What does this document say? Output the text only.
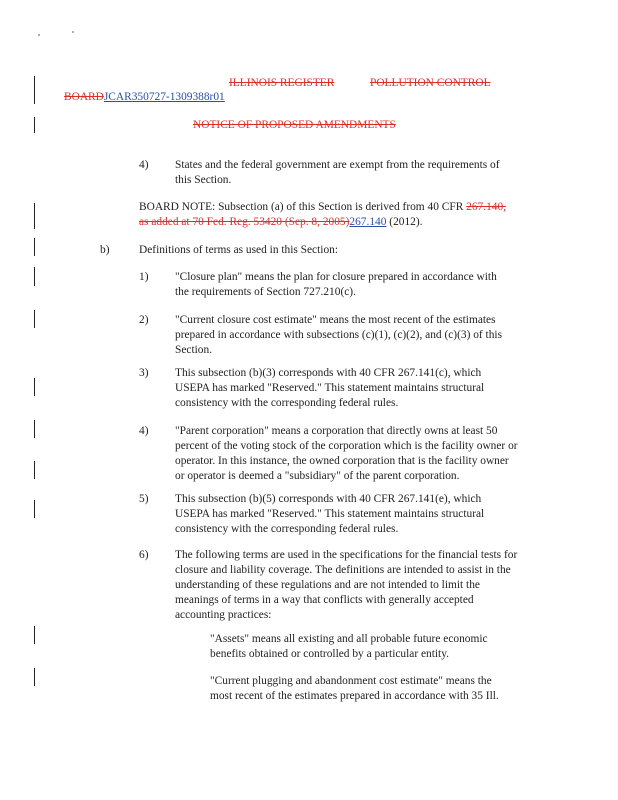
ILLINOIS REGISTER	POLLUTION CONTROL
BOARDJCAR350727-1309388r01
NOTICE OF PROPOSED AMENDMENTS
4) States and the federal government are exempt from the requirements of
this Section.
BOARD NOTE: Subsection (a) of this Section is derived from 40 CFR 267.140,
as added at 70 Fed. Reg. 53420 (Sep. 8, 2005)267.140 (2012).
b)	Definitions of terms as used in this Section:
1) "Closure plan" means the plan for closure prepared in accordance with
the requirements of Section 727.210(c).
2) "Current closure cost estimate" means the most recent of the estimates
prepared in accordance with subsections (c)(1), (c)(2), and (c)(3) of this
Section.
3) This subsection (b)(3) corresponds with 40 CFR 267.141(c), which
USEPA has marked "Reserved." This statement maintains structural
consistency with the corresponding federal rules.
4) "Parent corporation" means a corporation that directly owns at least 50
percent of the voting stock of the corporation which is the facility owner or
operator. In this instance, the owned corporation that is the facility owner
or operator is deemed a "subsidiary" of the parent corporation.
5) This subsection (b)(5) corresponds with 40 CFR 267.141(e), which
USEPA has marked "Reserved." This statement maintains structural
consistency with the corresponding federal rules.
6) The following terms are used in the specifications for the financial tests for
closure and liability coverage. The definitions are intended to assist in the
understanding of these regulations and are not intended to limit the
meanings of terms in a way that conflicts with generally accepted
accounting practices:
"Assets" means all existing and all probable future economic
benefits obtained or controlled by a particular entity.
"Current plugging and abandonment cost estimate" means the
most recent of the estimates prepared in accordance with 35 Ill.
